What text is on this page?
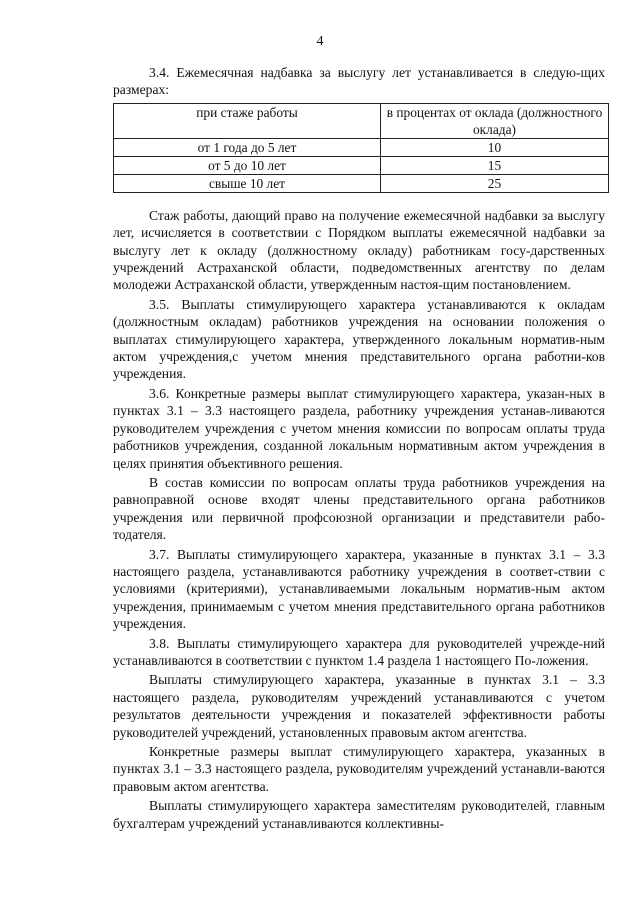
4

3.4. Ежемесячная надбавка за выслугу лет устанавливается в следую-щих размерах:

при стаже работы	в процентах от оклада (должностного оклада)
от 1 года до 5 лет	10
от 5 до 10 лет	15
свыше 10 лет	25

Стаж работы, дающий право на получение ежемесячной надбавки за выслугу лет, исчисляется в соответствии с Порядком выплаты ежемесячной надбавки за выслугу лет к окладу (должностному окладу) работникам госу-дарственных учреждений Астраханской области, подведомственных агентству по делам молодежи Астраханской области, утвержденным настоя-щим постановлением.

3.5. Выплаты стимулирующего характера устанавливаются к окладам (должностным окладам) работников учреждения на основании положения о выплатах стимулирующего характера, утвержденного локальным норматив-ным актом учреждения,с учетом мнения представительного органа работни-ков учреждения.

3.6. Конкретные размеры выплат стимулирующего характера, указан-ных в пунктах 3.1 – 3.3 настоящего раздела, работнику учреждения устанав-ливаются руководителем учреждения с учетом мнения комиссии по вопросам оплаты труда работников учреждения, созданной локальным нормативным актом учреждения в целях принятия объективного решения.

В состав комиссии по вопросам оплаты труда работников учреждения на равноправной основе входят члены представительного органа работников учреждения или первичной профсоюзной организации и представители рабо-тодателя.

3.7. Выплаты стимулирующего характера, указанные в пунктах 3.1 – 3.3 настоящего раздела, устанавливаются работнику учреждения в соответ-ствии с условиями (критериями), устанавливаемыми локальным норматив-ным актом учреждения, принимаемым с учетом мнения представительного органа работников учреждения.

3.8. Выплаты стимулирующего характера для руководителей учрежде-ний устанавливаются в соответствии с пунктом 1.4 раздела 1 настоящего По-ложения.

Выплаты стимулирующего характера, указанные в пунктах 3.1 – 3.3 настоящего раздела, руководителям учреждений устанавливаются с учетом результатов деятельности учреждения и показателей эффективности работы руководителей учреждений, установленных правовым актом агентства.

Конкретные размеры выплат стимулирующего характера, указанных в пунктах 3.1 – 3.3 настоящего раздела, руководителям учреждений устанавли-ваются правовым актом агентства.

Выплаты стимулирующего характера заместителям руководителей, главным бухгалтерам учреждений устанавливаются коллективны-
